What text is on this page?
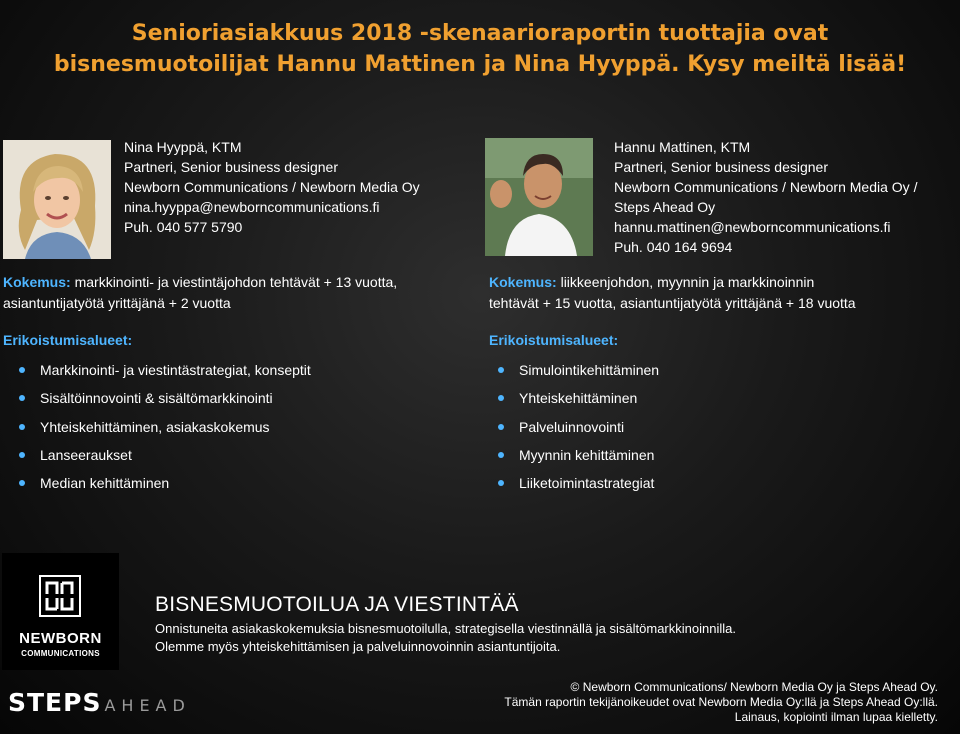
Senioriasiakkuus 2018 -skenaarioraportin tuottajia ovat
bisnesmuotoilijat Hannu Mattinen ja Nina Hyyppä. Kysy meiltä lisää!
Nina Hyyppä, KTM
Partneri, Senior business designer
Newborn Communications / Newborn Media Oy
nina.hyyppa@newborncommunications.fi
Puh. 040 577 5790
Hannu Mattinen, KTM
Partneri, Senior business designer
Newborn Communications / Newborn Media Oy /
Steps Ahead Oy
hannu.mattinen@newborncommunications.fi
Puh. 040 164 9694
Kokemus: markkinointi- ja viestintäjohdon tehtävät + 13 vuotta, asiantuntijatyötä yrittäjänä + 2 vuotta
Kokemus: liikkeenjohdon, myynnin ja markkinoinnin
tehtävät + 15 vuotta, asiantuntijatyötä yrittäjänä + 18 vuotta
Erikoistumisalueet:
Markkinointi- ja viestintästrategiat, konseptit
Sisältöinnovointi & sisältömarkkinointi
Yhteiskehittäminen, asiakaskokemus
Lanseeraukset
Median kehittäminen
Erikoistumisalueet:
Simulointikehittäminen
Yhteiskehittäminen
Palveluinnovointi
Myynnin kehittäminen
Liiketoimintastrategiat
NEWBORN
COMMUNICATIONS
BISNESMUOTOILUA JA VIESTINTÄÄ
Onnistuneita asiakaskokemuksia bisnesmuotoilulla, strategisella viestinnällä ja sisältömarkkinoinnilla.
Olemme myös yhteiskehittämisen ja palveluinnovoinnin asiantuntijoita.
STEPS AHEAD
© Newborn Communications/ Newborn Media Oy ja Steps Ahead Oy.
Tämän raportin tekijänoikeudet ovat Newborn Media Oy:llä ja Steps Ahead Oy:llä.
Lainaus, kopiointi ilman lupaa kielletty.
